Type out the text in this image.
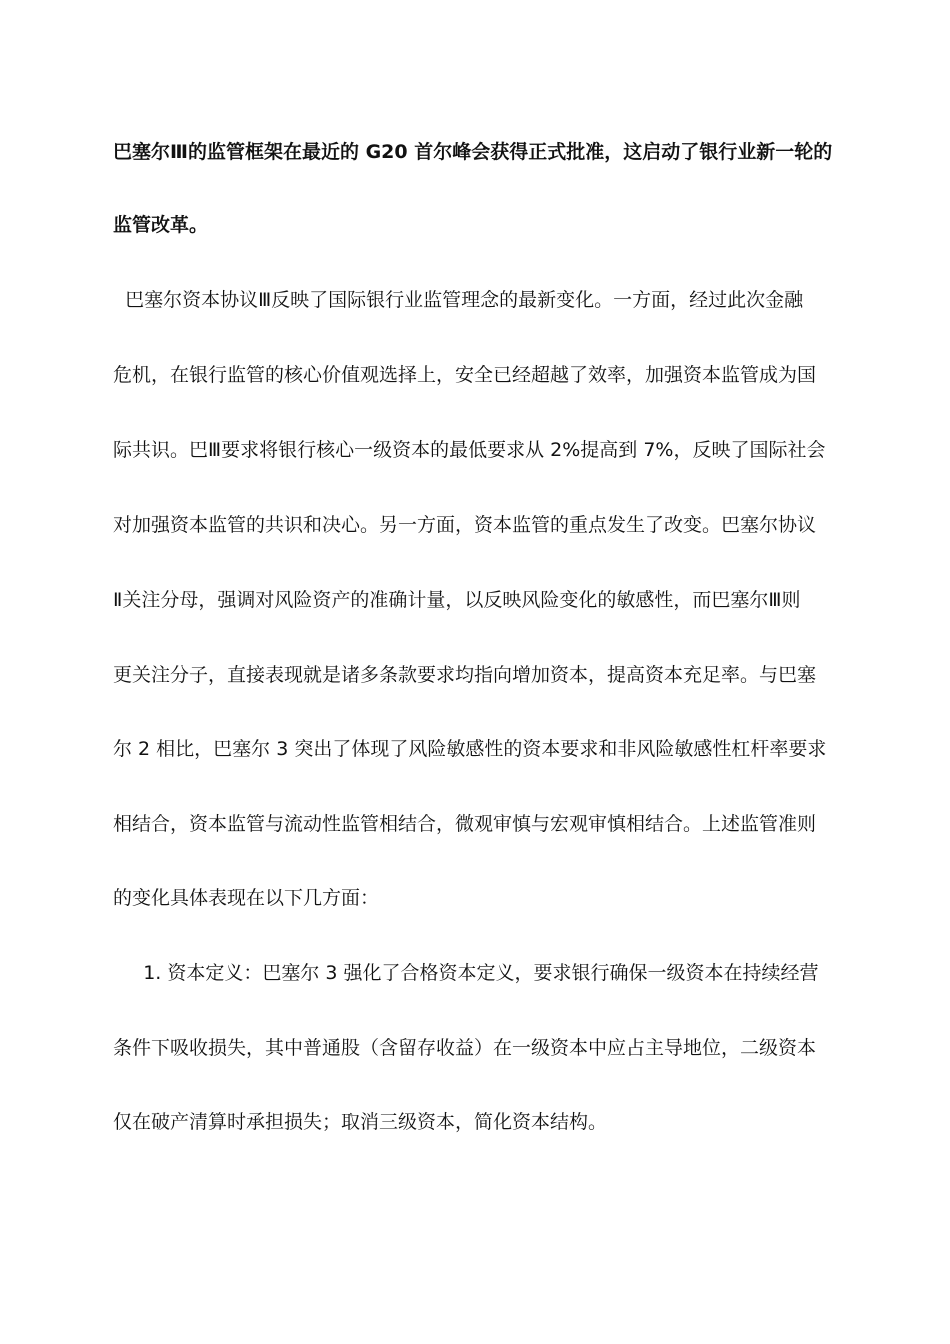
巴塞尔Ⅲ的监管框架在最近的 G20 首尔峰会获得正式批准，这启动了银行业新一轮的
监管改革。
巴塞尔资本协议Ⅲ反映了国际银行业监管理念的最新变化。一方面，经过此次金融
危机，在银行监管的核心价值观选择上，安全已经超越了效率，加强资本监管成为国
际共识。巴Ⅲ要求将银行核心一级资本的最低要求从 2%提高到 7%，反映了国际社会
对加强资本监管的共识和决心。另一方面，资本监管的重点发生了改变。巴塞尔协议
Ⅱ关注分母，强调对风险资产的准确计量，以反映风险变化的敏感性，而巴塞尔Ⅲ则
更关注分子，直接表现就是诸多条款要求均指向增加资本，提高资本充足率。与巴塞
尔 2 相比，巴塞尔 3 突出了体现了风险敏感性的资本要求和非风险敏感性杠杆率要求
相结合，资本监管与流动性监管相结合，微观审慎与宏观审慎相结合。上述监管准则
的变化具体表现在以下几方面：
1. 资本定义：巴塞尔 3 强化了合格资本定义，要求银行确保一级资本在持续经营
条件下吸收损失，其中普通股（含留存收益）在一级资本中应占主导地位，二级资本
仅在破产清算时承担损失；取消三级资本，简化资本结构。
